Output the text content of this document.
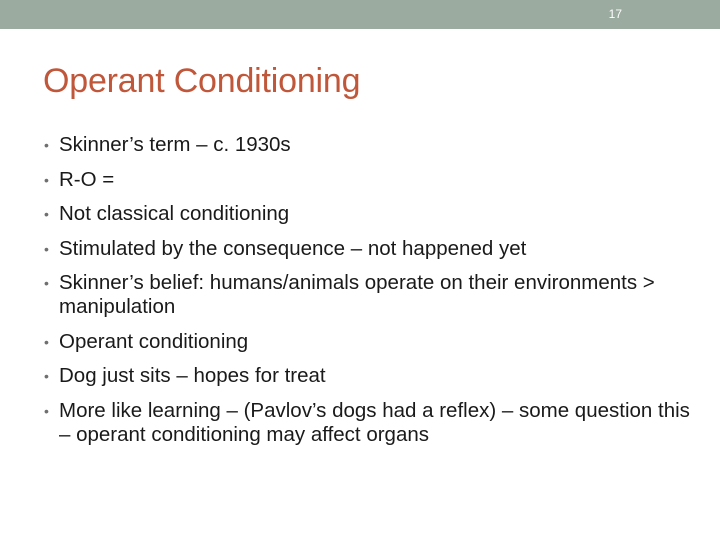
17
Operant Conditioning
• Skinner’s term – c. 1930s
• R-O =
• Not classical conditioning
• Stimulated by the consequence – not happened yet
• Skinner’s belief: humans/animals operate on their environments > manipulation
• Operant conditioning
• Dog just sits – hopes for treat
• More like learning – (Pavlov’s dogs had a reflex) – some question this – operant conditioning may affect organs
